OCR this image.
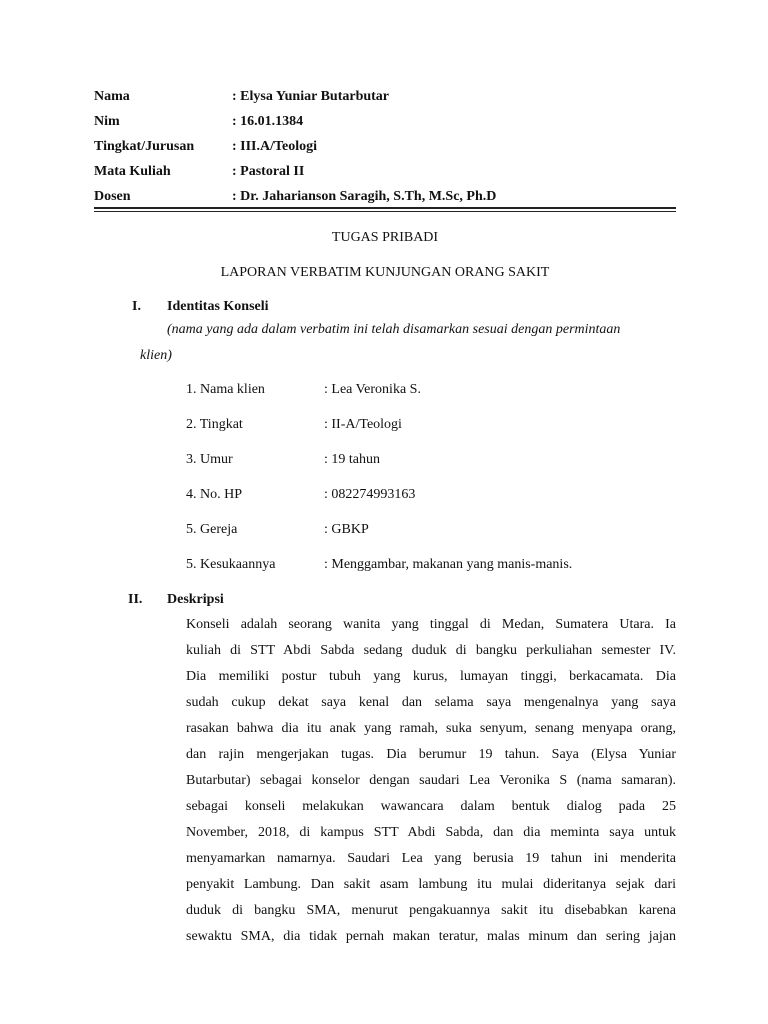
Nama	: Elysa Yuniar Butarbutar
Nim	: 16.01.1384
Tingkat/Jurusan	: III.A/Teologi
Mata Kuliah	: Pastoral II
Dosen	: Dr. Jaharianson Saragih, S.Th, M.Sc, Ph.D
TUGAS PRIBADI
LAPORAN VERBATIM KUNJUNGAN ORANG SAKIT
I. Identitas Konseli
(nama yang ada dalam verbatim ini telah disamarkan sesuai dengan permintaan
klien)
1. Nama klien	: Lea Veronika S.
2. Tingkat	: II-A/Teologi
3. Umur	: 19 tahun
4. No. HP	: 082274993163
5. Gereja	: GBKP
5. Kesukaannya	: Menggambar, makanan yang manis-manis.
II. Deskripsi
Konseli adalah seorang wanita yang tinggal di Medan, Sumatera Utara. Ia
kuliah di STT Abdi Sabda sedang duduk di bangku perkuliahan semester IV.
Dia memiliki postur tubuh yang kurus, lumayan tinggi, berkacamata. Dia
sudah cukup dekat saya kenal dan selama saya mengenalnya yang saya
rasakan bahwa dia itu anak yang ramah, suka senyum, senang menyapa orang,
dan rajin mengerjakan tugas. Dia berumur 19 tahun. Saya (Elysa Yuniar
Butarbutar) sebagai konselor dengan saudari Lea Veronika S (nama samaran).
sebagai konseli melakukan wawancara dalam bentuk dialog pada 25
November, 2018, di kampus STT Abdi Sabda, dan dia meminta saya untuk
menyamarkan namarnya. Saudari Lea yang berusia 19 tahun ini menderita
penyakit Lambung. Dan sakit asam lambung itu mulai dideritanya sejak dari
duduk di bangku SMA, menurut pengakuannya sakit itu disebabkan karena
sewaktu SMA, dia tidak pernah makan teratur, malas minum dan sering jajan
